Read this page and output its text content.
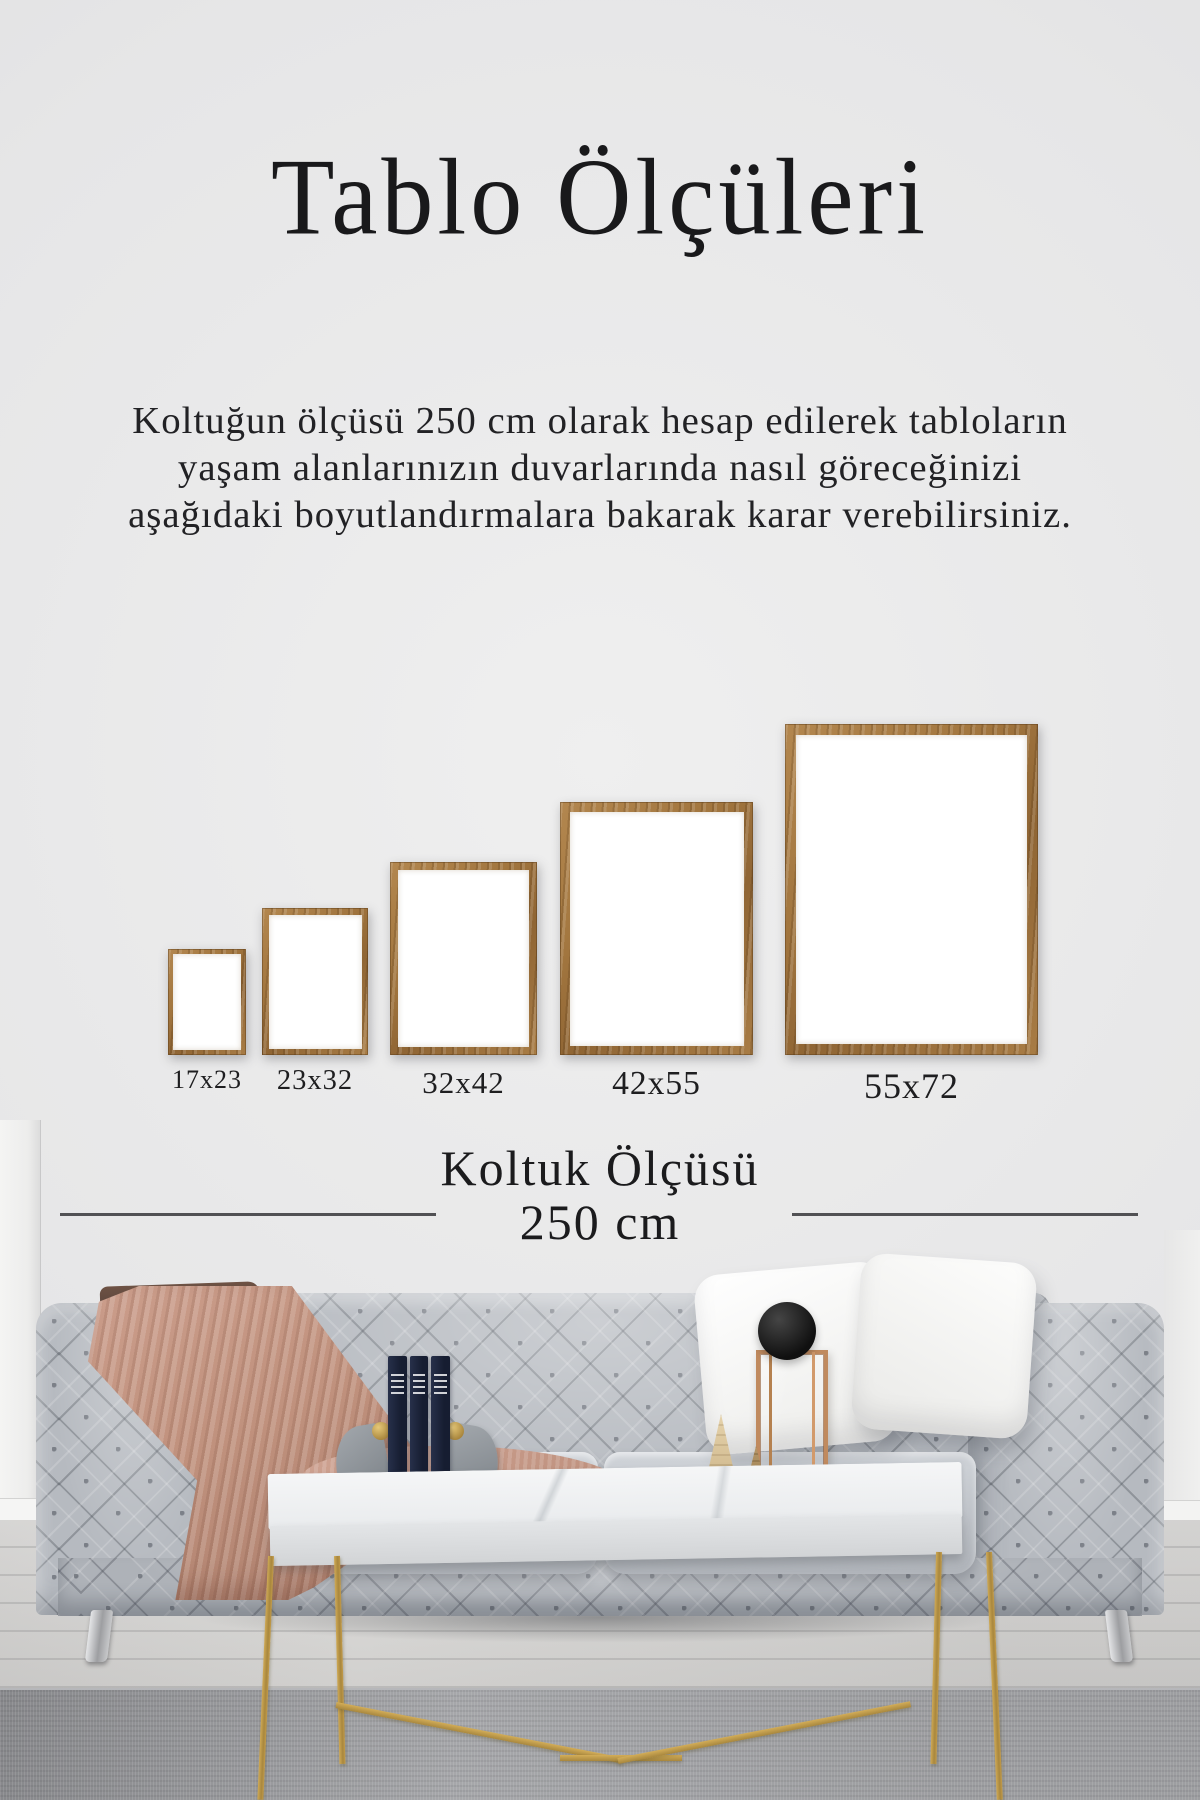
Tablo Ölçüleri

Koltuğun ölçüsü 250 cm olarak hesap edilerek tabloların
yaşam alanlarınızın duvarlarında nasıl göreceğinizi
aşağıdaki boyutlandırmalara bakarak karar verebilirsiniz.

17x23	23x32	32x42	42x55	55x72

Koltuk Ölçüsü

250 cm
